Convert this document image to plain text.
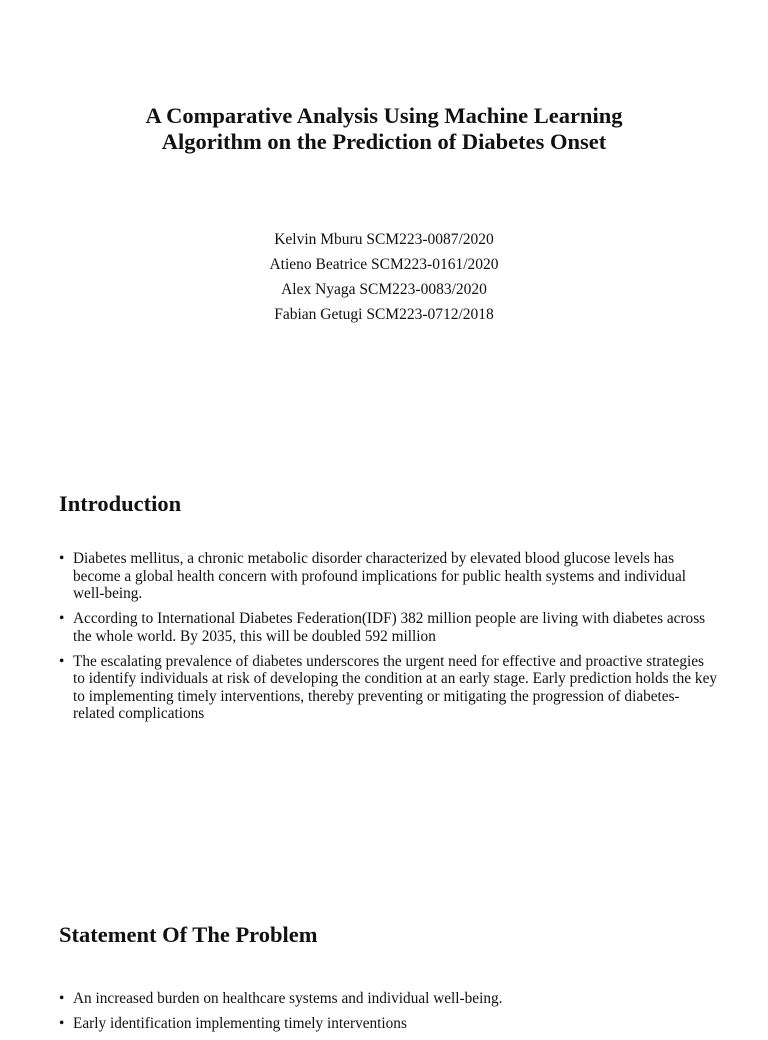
A Comparative Analysis Using Machine Learning
Algorithm on the Prediction of Diabetes Onset
Kelvin Mburu SCM223-0087/2020
Atieno Beatrice SCM223-0161/2020
Alex Nyaga SCM223-0083/2020
Fabian Getugi SCM223-0712/2018
Introduction
• Diabetes mellitus, a chronic metabolic disorder characterized by elevated blood glucose levels has become a global health concern with profound implications for public health systems and individual well-being.
• According to International Diabetes Federation(IDF) 382 million people are living with diabetes across the whole world. By 2035, this will be doubled 592 million
• The escalating prevalence of diabetes underscores the urgent need for effective and proactive strategies to identify individuals at risk of developing the condition at an early stage. Early prediction holds the key to implementing timely interventions, thereby preventing or mitigating the progression of diabetes-related complications
Statement Of The Problem
• An increased burden on healthcare systems and individual well-being.
• Early identification implementing timely interventions
